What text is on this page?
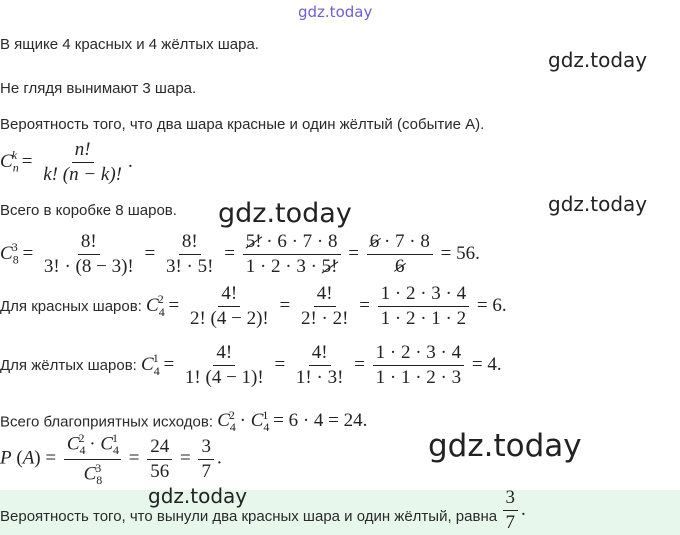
gdz.today
gdz.today
gdz.today
gdz.today
gdz.today
В ящике 4 красных и 4 жёлтых шара.
Не глядя вынимают 3 шара.
Вероятность того, что два шара красные и один жёлтый (событие A).
$C_n^k = \frac{n!}{k! (n - k)!}$ .
Всего в коробке 8 шаров.
$C_8^3 = \frac{8!}{3! \cdot (8 - 3)!} = \frac{8!}{3! \cdot 5!} = \frac{5! \cdot 6 \cdot 7 \cdot 8}{1 \cdot 2 \cdot 3 \cdot 5!} = \frac{6 \cdot 7 \cdot 8}{6} = 56$.
Для красных шаров: $C_4^2 = \frac{4!}{2! (4 - 2)!} = \frac{4!}{2! \cdot 2!} = \frac{1 \cdot 2 \cdot 3 \cdot 4}{1 \cdot 2 \cdot 1 \cdot 2} = 6$.
Для жёлтых шаров: $C_4^1 = \frac{4!}{1! (4 - 1)!} = \frac{4!}{1! \cdot 3!} = \frac{1 \cdot 2 \cdot 3 \cdot 4}{1 \cdot 1 \cdot 2 \cdot 3} = 4$.
Всего благоприятных исходов: $C_4^2 \cdot C_4^1 = 6 \cdot 4 = 24$.
P $(A) = \frac{C_4^2 \cdot C_4^1}{C_8^3} = \frac{24}{56} = \frac{3}{7}$ .
gdz.today
Вероятность того, что вынули два красных шара и один жёлтый, равна $\frac{3}{7}$ .
